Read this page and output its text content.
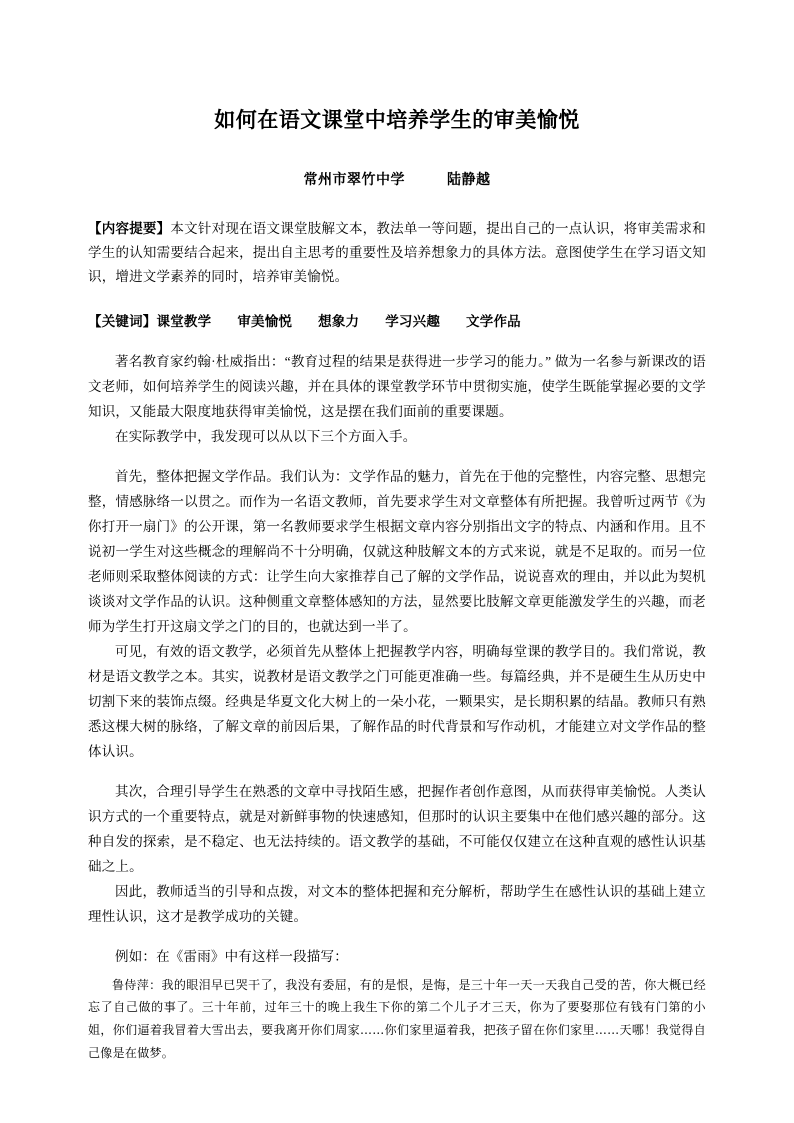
如何在语文课堂中培养学生的审美愉悦
常州市翠竹中学	陆静越
【内容提要】本文针对现在语文课堂肢解文本，教法单一等问题，提出自己的一点认识，将审美需求和学生的认知需要结合起来，提出自主思考的重要性及培养想象力的具体方法。意图使学生在学习语文知识，增进文学素养的同时，培养审美愉悦。
【关键词】课堂教学 审美愉悦 想象力 学习兴趣 文学作品

著名教育家约翰·杜威指出：“教育过程的结果是获得进一步学习的能力。” 做为一名参与新课改的语文老师，如何培养学生的阅读兴趣，并在具体的课堂教学环节中贯彻实施，使学生既能掌握必要的文学知识，又能最大限度地获得审美愉悦，这是摆在我们面前的重要课题。

在实际教学中，我发现可以从以下三个方面入手。

首先，整体把握文学作品。我们认为：文学作品的魅力，首先在于他的完整性，内容完整、思想完整，情感脉络一以贯之。而作为一名语文教师，首先要求学生对文章整体有所把握。我曾听过两节《为你打开一扇门》的公开课，第一名教师要求学生根据文章内容分别指出文字的特点、内涵和作用。且不说初一学生对这些概念的理解尚不十分明确，仅就这种肢解文本的方式来说，就是不足取的。而另一位老师则采取整体阅读的方式：让学生向大家推荐自己了解的文学作品，说说喜欢的理由，并以此为契机谈谈对文学作品的认识。这种侧重文章整体感知的方法，显然要比肢解文章更能激发学生的兴趣，而老师为学生打开这扇文学之门的目的，也就达到一半了。

可见，有效的语文教学，必须首先从整体上把握教学内容，明确每堂课的教学目的。我们常说，教材是语文教学之本。其实，说教材是语文教学之门可能更准确一些。每篇经典，并不是硬生生从历史中切割下来的装饰点缀。经典是华夏文化大树上的一朵小花，一颗果实，是长期积累的结晶。教师只有熟悉这棵大树的脉络，了解文章的前因后果，了解作品的时代背景和写作动机，才能建立对文学作品的整体认识。

其次，合理引导学生在熟悉的文章中寻找陌生感，把握作者创作意图，从而获得审美愉悦。人类认识方式的一个重要特点，就是对新鲜事物的快速感知，但那时的认识主要集中在他们感兴趣的部分。这种自发的探索，是不稳定、也无法持续的。语文教学的基础，不可能仅仅建立在这种直观的感性认识基础之上。

因此，教师适当的引导和点拨，对文本的整体把握和充分解析，帮助学生在感性认识的基础上建立理性认识，这才是教学成功的关键。

例如：在《雷雨》中有这样一段描写：

鲁侍萍：我的眼泪早已哭干了，我没有委屈，有的是恨，是悔，是三十年一天一天我自己受的苦，你大概已经忘了自己做的事了。三十年前，过年三十的晚上我生下你的第二个儿子才三天，你为了要娶那位有钱有门第的小姐，你们逼着我冒着大雪出去，要我离开你们周家……你们家里逼着我，把孩子留在你们家里……天哪！我觉得自己像是在做梦。
